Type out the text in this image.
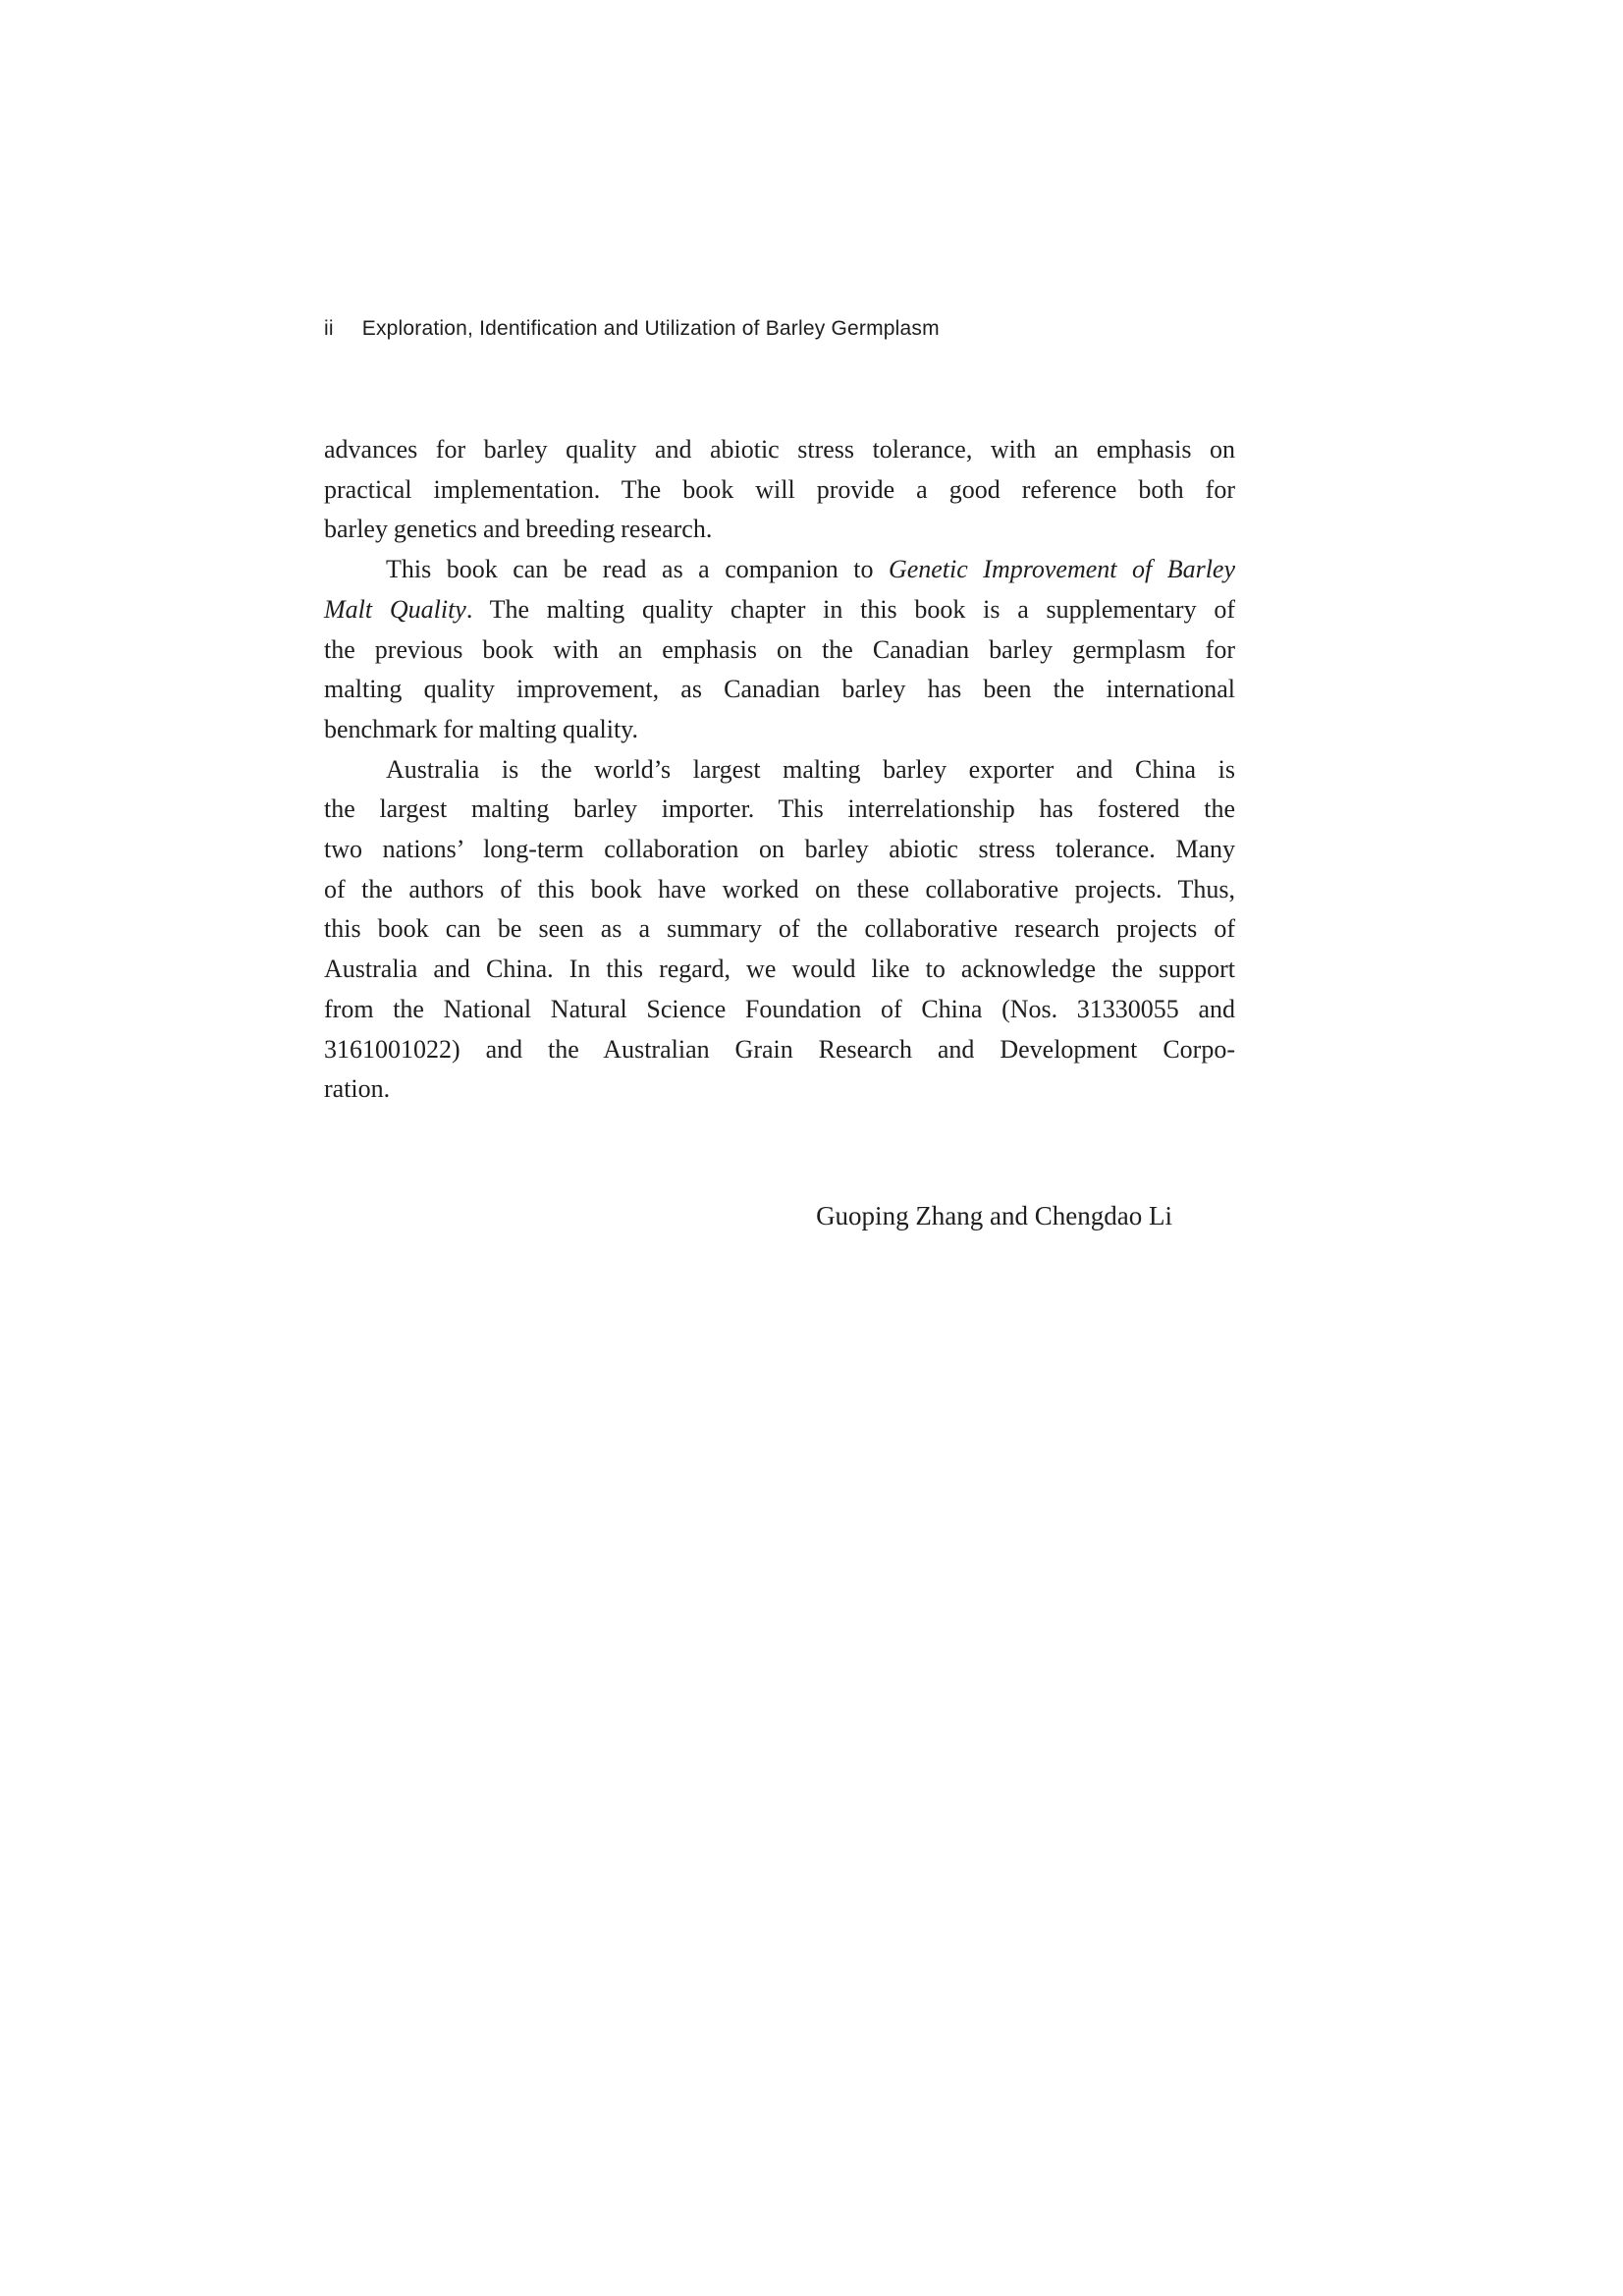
ii Exploration, Identification and Utilization of Barley Germplasm
advances for barley quality and abiotic stress tolerance, with an emphasis on
practical implementation. The book will provide a good reference both for
barley genetics and breeding research.
This book can be read as a companion to Genetic Improvement of Barley
Malt Quality. The malting quality chapter in this book is a supplementary of
the previous book with an emphasis on the Canadian barley germplasm for
malting quality improvement, as Canadian barley has been the international
benchmark for malting quality.
Australia is the world’s largest malting barley exporter and China is
the largest malting barley importer. This interrelationship has fostered the
two nations’ long-term collaboration on barley abiotic stress tolerance. Many
of the authors of this book have worked on these collaborative projects. Thus,
this book can be seen as a summary of the collaborative research projects of
Australia and China. In this regard, we would like to acknowledge the support
from the National Natural Science Foundation of China (Nos. 31330055 and
3161001022) and the Australian Grain Research and Development Corpo-
ration.
Guoping Zhang and Chengdao Li
